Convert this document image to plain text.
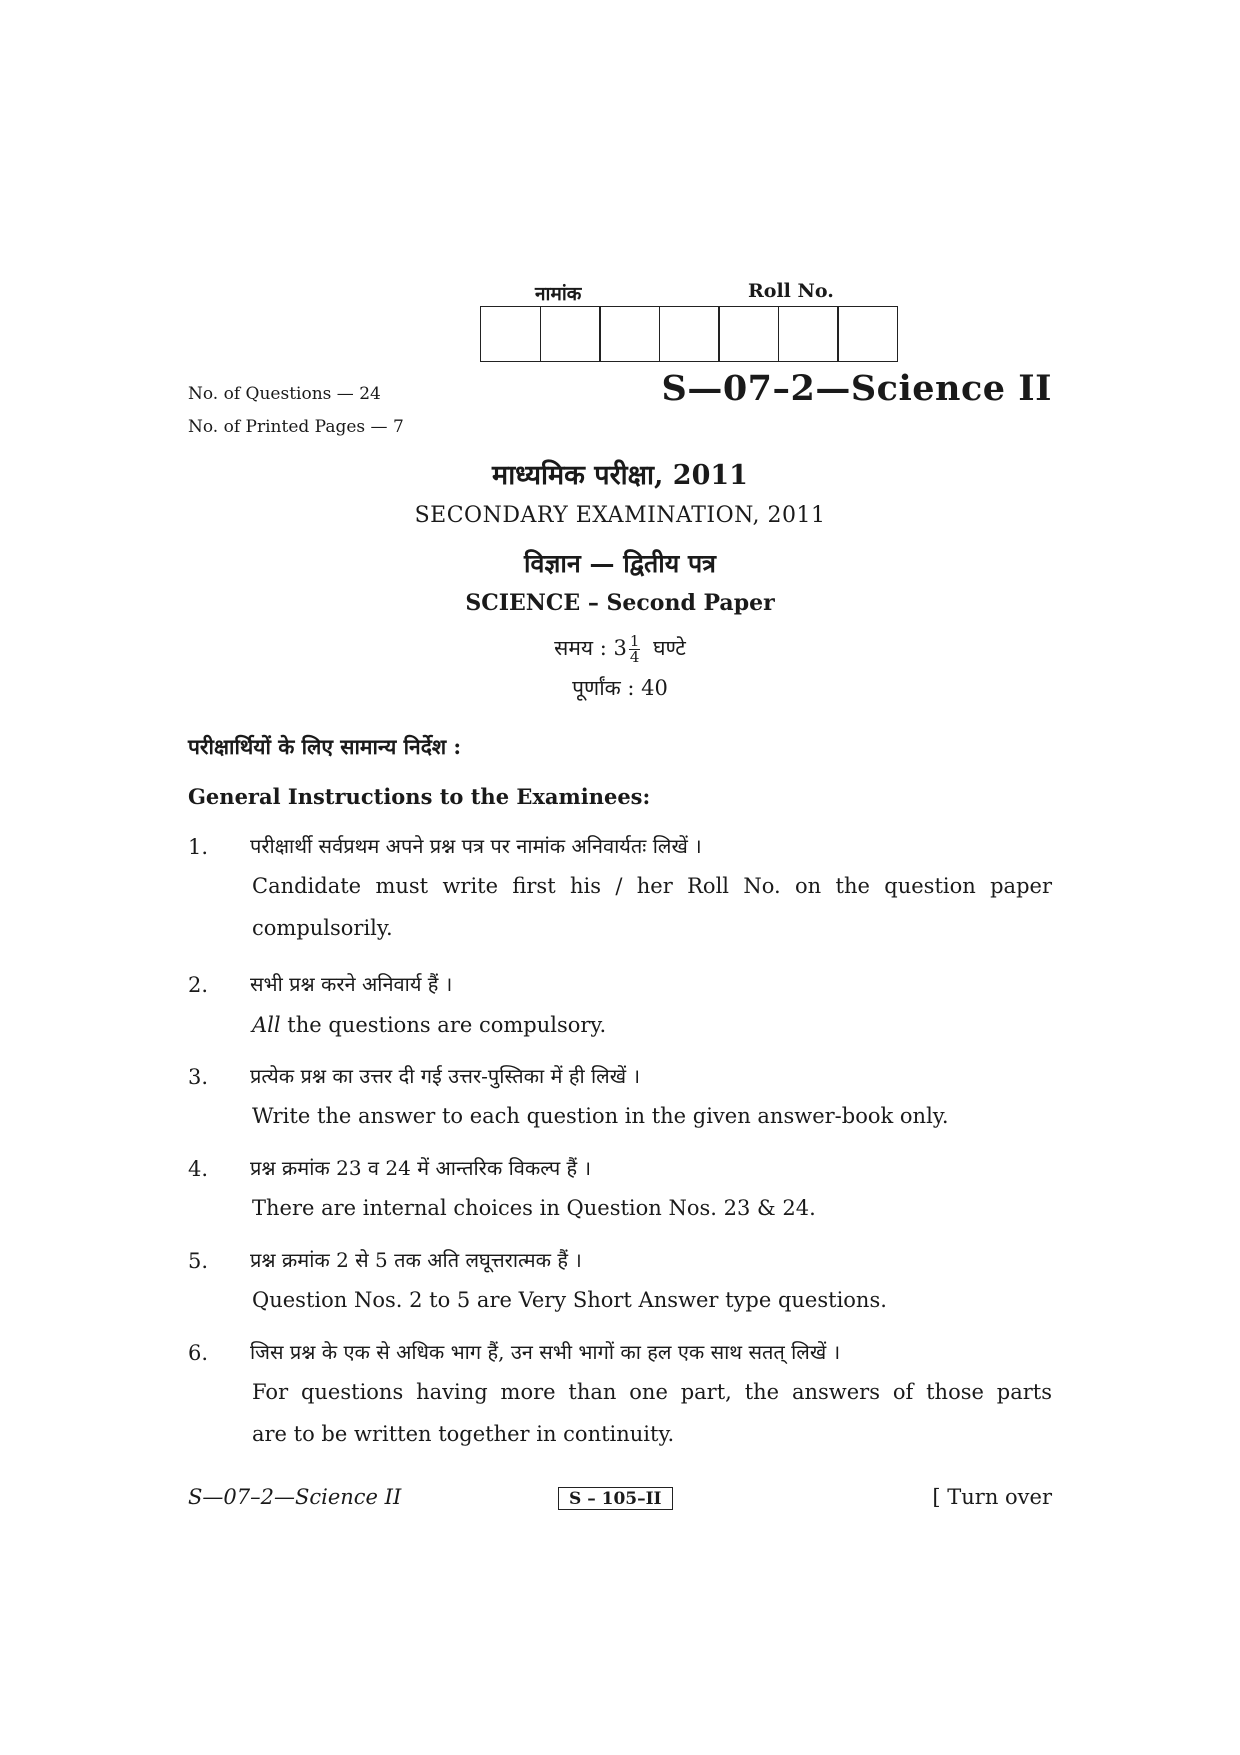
नामांक	Roll No.
No. of Questions — 24
No. of Printed Pages — 7
S—07–2—Science II
माध्यमिक परीक्षा, 2011
SECONDARY EXAMINATION, 2011
विज्ञान — द्वितीय पत्र
SCIENCE – Second Paper
समय : $3 \frac{1}{4}$ घण्टे
पूर्णांक : 40
परीक्षार्थियों के लिए सामान्य निर्देश :
General Instructions to the Examinees:
1. परीक्षार्थी सर्वप्रथम अपने प्रश्न पत्र पर नामांक अनिवार्यतः लिखें ।
Candidate must write first his / her Roll No. on the question paper
compulsorily.
2. सभी प्रश्न करने अनिवार्य हैं ।
All the questions are compulsory.
3. प्रत्येक प्रश्न का उत्तर दी गई उत्तर-पुस्तिका में ही लिखें ।
Write the answer to each question in the given answer-book only.
4. प्रश्न क्रमांक 23 व 24 में आन्तरिक विकल्प हैं ।
There are internal choices in Question Nos. 23 & 24.
5. प्रश्न क्रमांक 2 से 5 तक अति लघूत्तरात्मक हैं ।
Question Nos. 2 to 5 are Very Short Answer type questions.
6. जिस प्रश्न के एक से अधिक भाग हैं, उन सभी भागों का हल एक साथ सतत् लिखें ।
For questions having more than one part, the answers of those parts
are to be written together in continuity.
S—07–2—Science II	S – 105–II	[ Turn over
